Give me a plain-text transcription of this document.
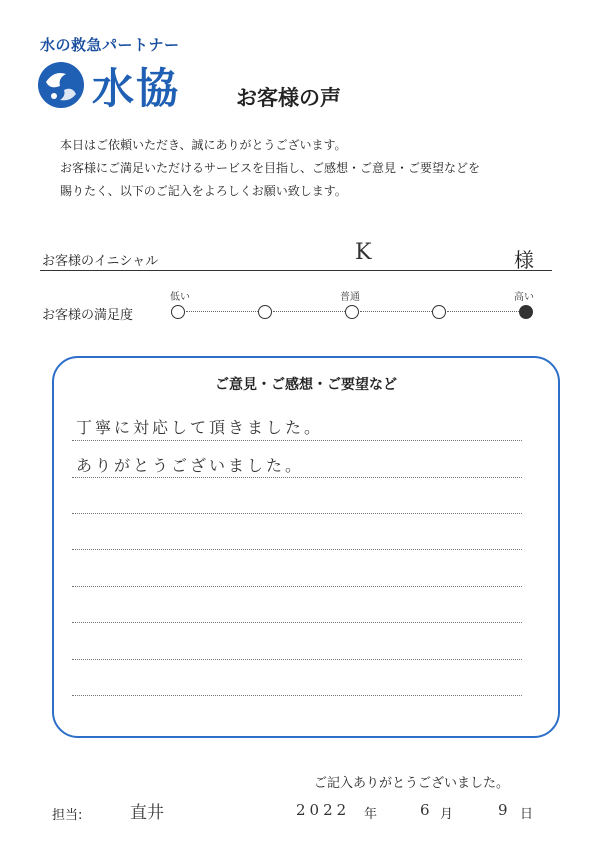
水の救急パートナー
水協	お客様の声
本日はご依頼いただき、誠にありがとうございます。
お客様にご満足いただけるサービスを目指し、ご感想・ご意見・ご要望などを
賜りたく、以下のご記入をよろしくお願い致します。
お客様のイニシャル	K	様
お客様の満足度
低い	普通	高い
ご意見・ご感想・ご要望など
丁寧に対応して頂きました。
ありがとうございました。
ご記入ありがとうございました。
担当:	直井	2022 年	6 月	9 日
